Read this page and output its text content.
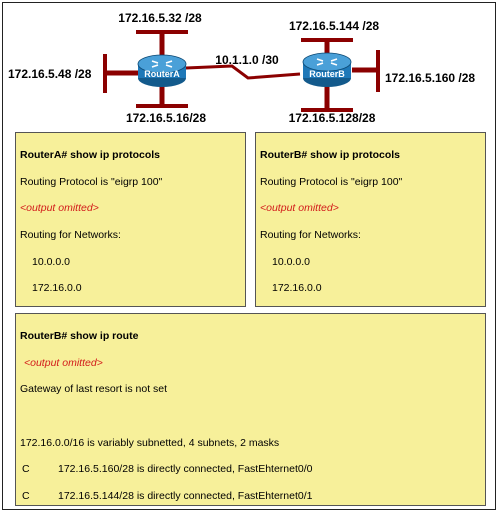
RouterA	RouterB
172.16.5.32 /28
172.16.5.48 /28
172.16.5.16/28
10.1.1.0 /30
172.16.5.144 /28
172.16.5.160 /28
172.16.5.128/28

RouterA# show ip protocols

Routing Protocol is "eigrp 100"

<output omitted>

Routing for Networks:

10.0.0.0

172.16.0.0

RouterB# show ip protocols

Routing Protocol is "eigrp 100"

<output omitted>

Routing for Networks:

10.0.0.0

172.16.0.0

RouterB# show ip route

<output omitted>

Gateway of last resort is not set

172.16.0.0/16 is variably subnetted, 4 subnets, 2 masks

C	172.16.5.160/28 is directly connected, FastEhternet0/0

C	172.16.5.144/28 is directly connected, FastEhternet0/1
